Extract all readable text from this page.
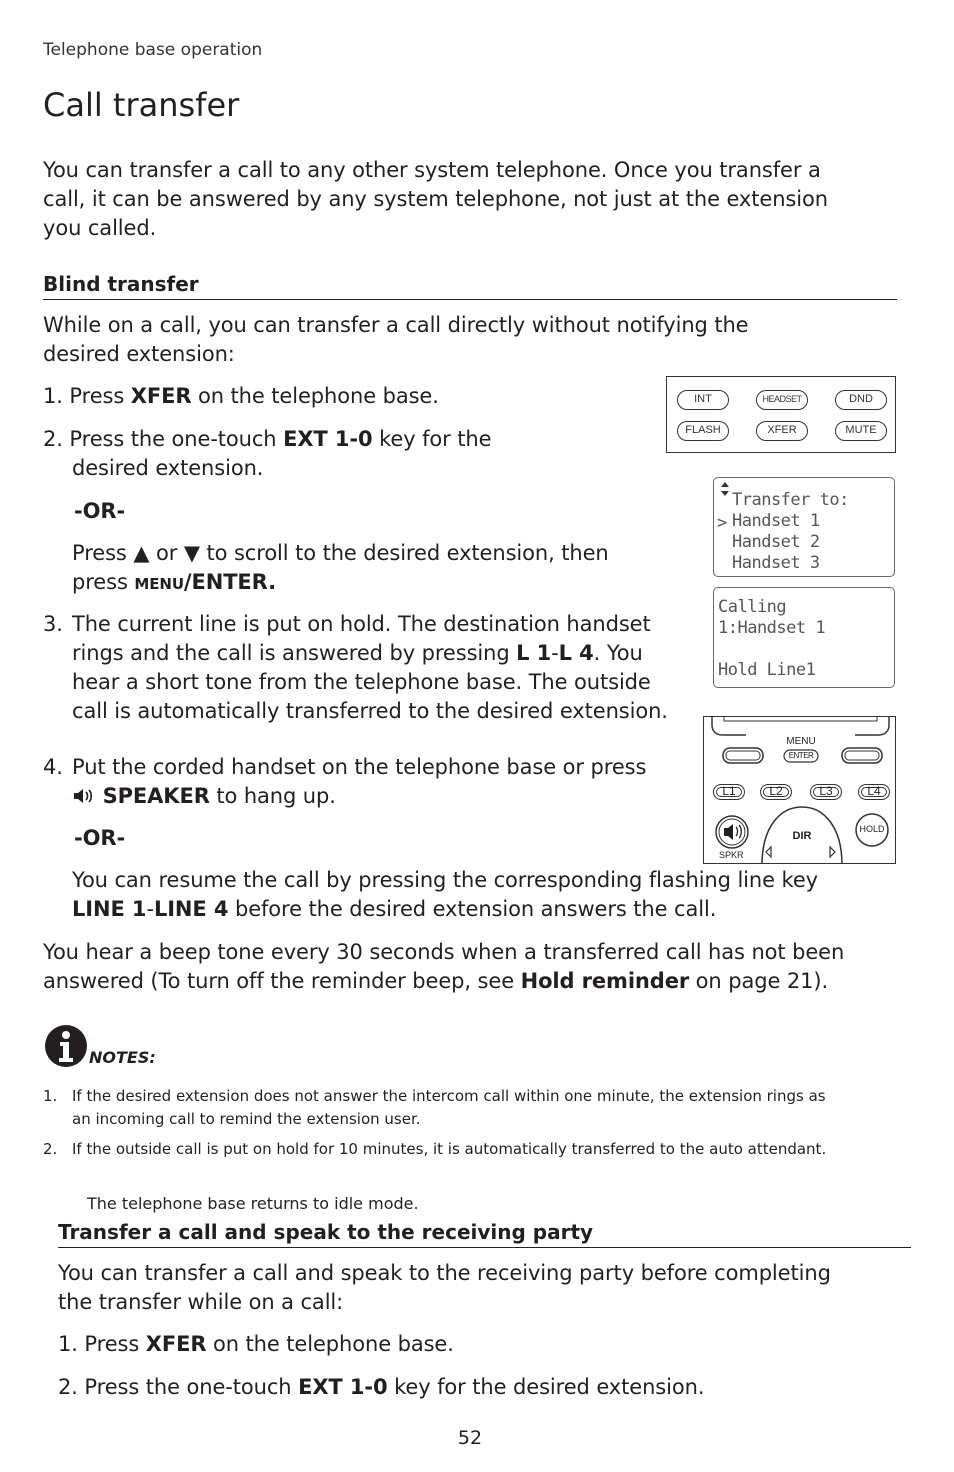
Telephone base operation
Call transfer
You can transfer a call to any other system telephone. Once you transfer a
call, it can be answered by any system telephone, not just at the extension
you called.
Blind transfer
While on a call, you can transfer a call directly without notifying the
desired extension:
1. Press XFER on the telephone base.
2. Press the one-touch EXT 1-0 key for the
desired extension.
-OR-
Press ▲ or ▼ to scroll to the desired extension, then
press menu/ENTER.
3. The current line is put on hold. The destination handset
rings and the call is answered by pressing L 1-L 4. You
hear a short tone from the telephone base. The outside
call is automatically transferred to the desired extension.
4. Put the corded handset on the telephone base or press
SPEAKER to hang up.
-OR-
You can resume the call by pressing the corresponding flashing line key
LINE 1-LINE 4 before the desired extension answers the call.
You hear a beep tone every 30 seconds when a transferred call has not been
answered (To turn off the reminder beep, see Hold reminder on page 21).
NOTES:
1. If the desired extension does not answer the intercom call within one minute, the extension rings as
an incoming call to remind the extension user.
2. If the outside call is put on hold for 10 minutes, it is automatically transferred to the auto attendant.
The telephone base returns to idle mode.
Transfer a call and speak to the receiving party
You can transfer a call and speak to the receiving party before completing
the transfer while on a call:
1. Press XFER on the telephone base.
2. Press the one-touch EXT 1-0 key for the desired extension.
52
INT	HEADSET	DND
FLASH	XFER	MUTE
Transfer to:
> Handset 1
Handset 2
Handset 3
Calling
1:Handset 1
Hold Line1
MENU
ENTER
L1	L2	L3	L4
DIR
SPKR
HOLD
